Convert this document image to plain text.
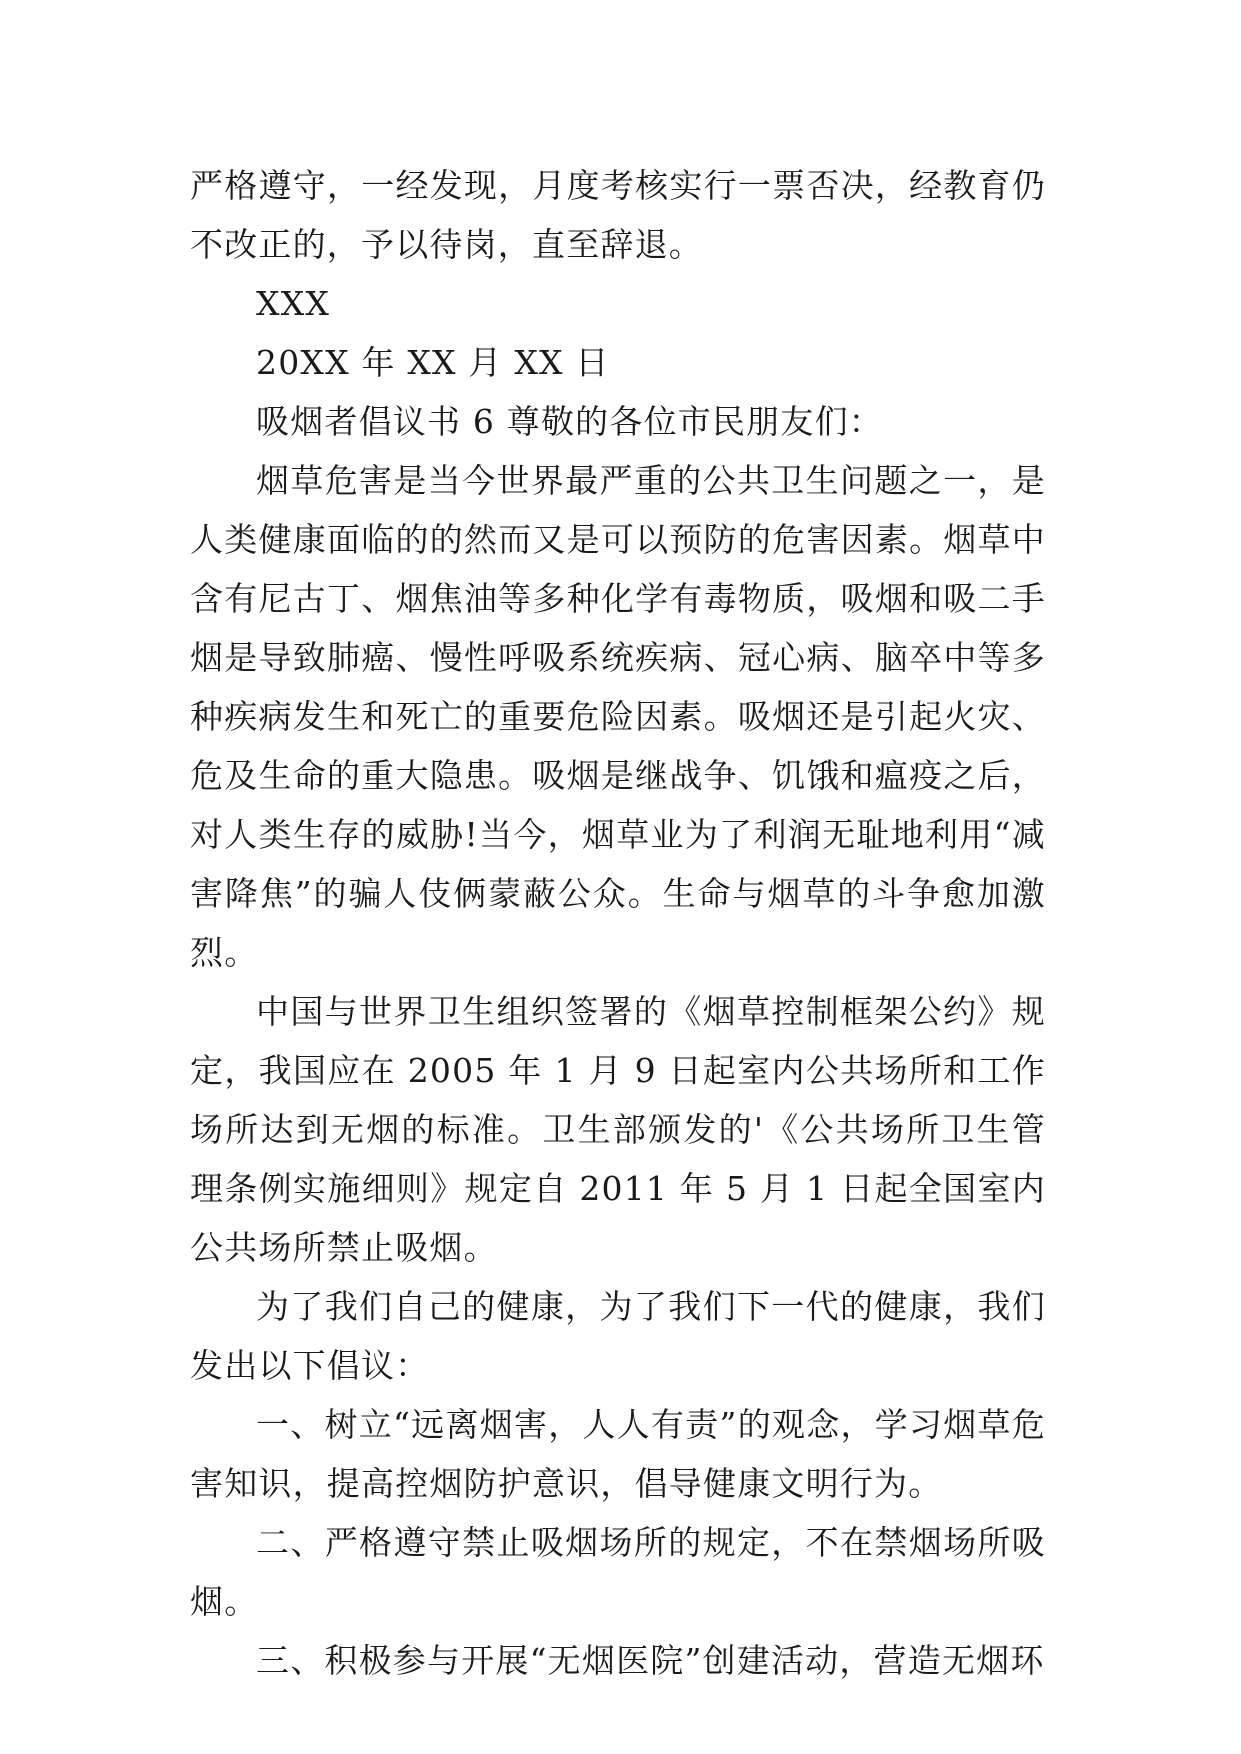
严格遵守，一经发现，月度考核实行一票否决，经教育仍不改正的，予以待岗，直至辞退。

XXX

20XX 年 XX 月 XX 日

吸烟者倡议书 6 尊敬的各位市民朋友们：

烟草危害是当今世界最严重的公共卫生问题之一，是人类健康面临的的然而又是可以预防的危害因素。烟草中含有尼古丁、烟焦油等多种化学有毒物质，吸烟和吸二手烟是导致肺癌、慢性呼吸系统疾病、冠心病、脑卒中等多种疾病发生和死亡的重要危险因素。吸烟还是引起火灾、危及生命的重大隐患。吸烟是继战争、饥饿和瘟疫之后，对人类生存的威胁!当今，烟草业为了利润无耻地利用“减害降焦”的骗人伎俩蒙蔽公众。生命与烟草的斗争愈加激烈。

中国与世界卫生组织签署的《烟草控制框架公约》规定，我国应在 2005 年 1 月 9 日起室内公共场所和工作场所达到无烟的标准。卫生部颁发的'《公共场所卫生管理条例实施细则》规定自 2011 年 5 月 1 日起全国室内公共场所禁止吸烟。

为了我们自己的健康，为了我们下一代的健康，我们发出以下倡议：

一、树立“远离烟害，人人有责”的观念，学习烟草危害知识，提高控烟防护意识，倡导健康文明行为。

二、严格遵守禁止吸烟场所的规定，不在禁烟场所吸烟。

三、积极参与开展“无烟医院”创建活动，营造无烟环
